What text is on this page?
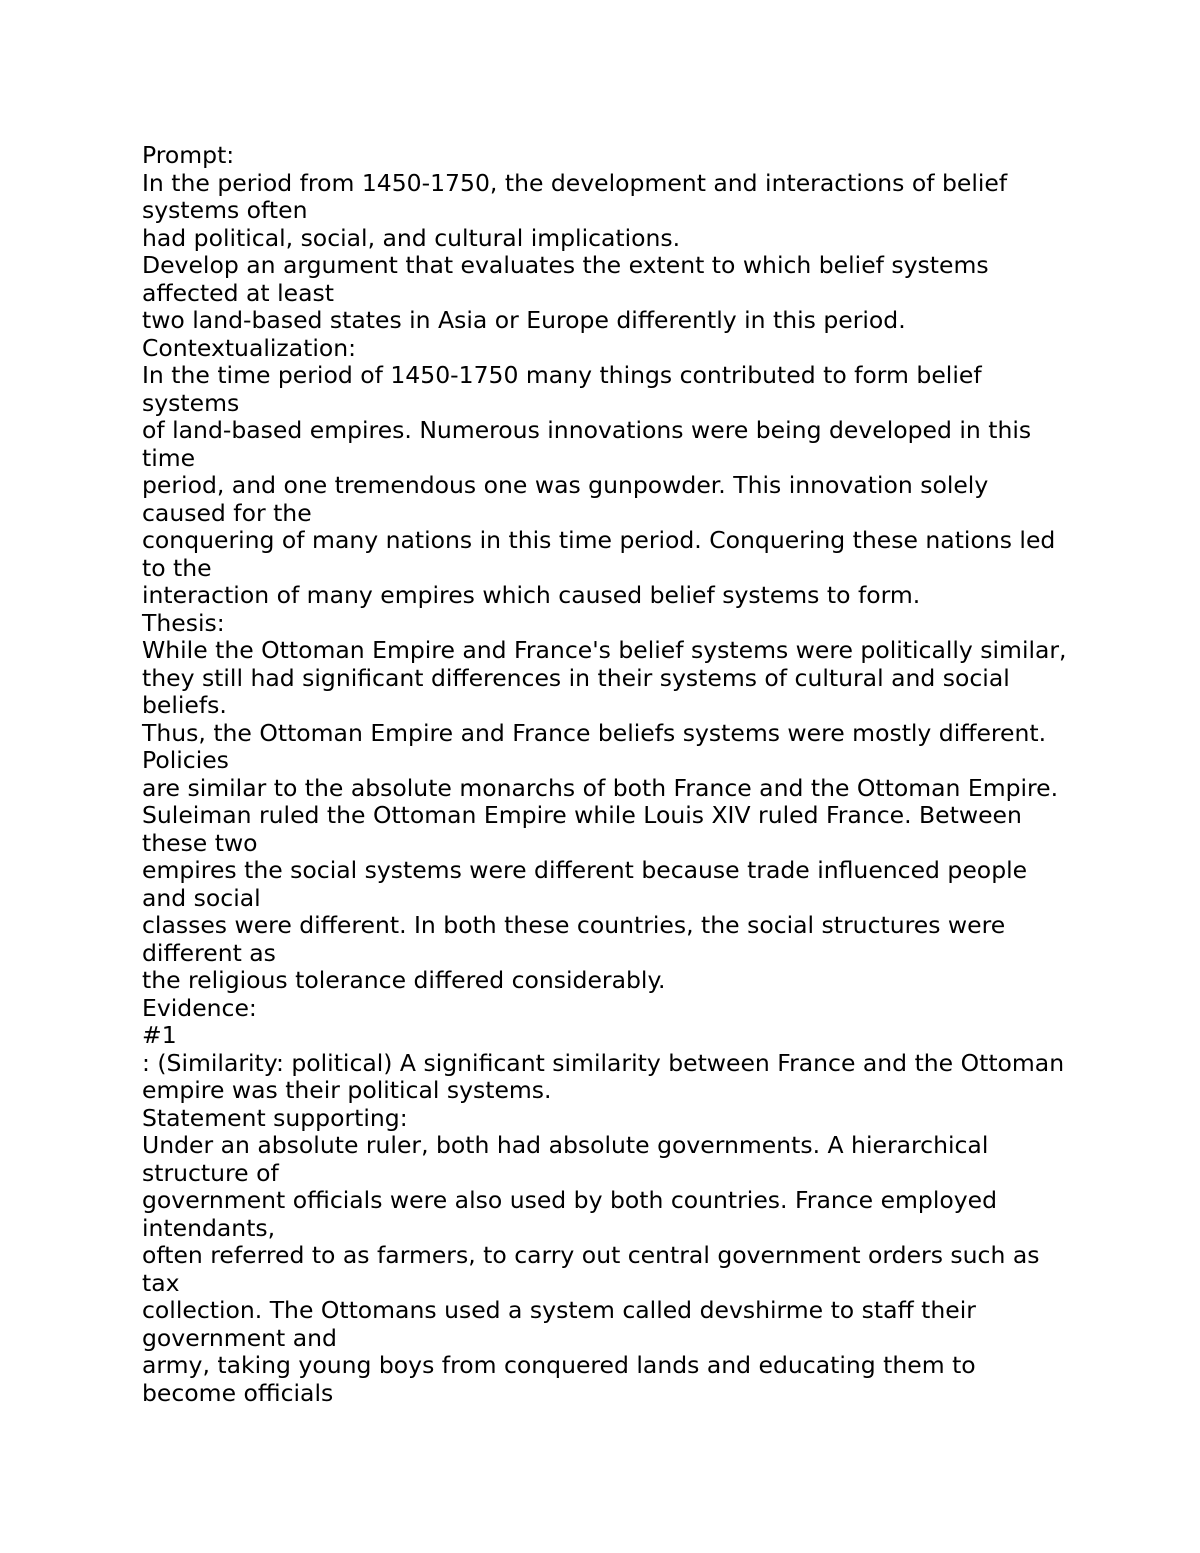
Prompt:
In the period from 1450-1750, the development and interactions of belief
systems often
had political, social, and cultural implications.
Develop an argument that evaluates the extent to which belief systems
affected at least
two land-based states in Asia or Europe differently in this period.
Contextualization:
In the time period of 1450-1750 many things contributed to form belief
systems
of land-based empires. Numerous innovations were being developed in this
time
period, and one tremendous one was gunpowder. This innovation solely
caused for the
conquering of many nations in this time period. Conquering these nations led
to the
interaction of many empires which caused belief systems to form.
Thesis:
While the Ottoman Empire and France's belief systems were politically similar,
they still had significant differences in their systems of cultural and social
beliefs.
Thus, the Ottoman Empire and France beliefs systems were mostly different.
Policies
are similar to the absolute monarchs of both France and the Ottoman Empire.
Suleiman ruled the Ottoman Empire while Louis XIV ruled France. Between
these two
empires the social systems were different because trade influenced people
and social
classes were different. In both these countries, the social structures were
different as
the religious tolerance differed considerably.
Evidence:
#1
: (Similarity: political) A significant similarity between France and the Ottoman
empire was their political systems.
Statement supporting:
Under an absolute ruler, both had absolute governments. A hierarchical
structure of
government officials were also used by both countries. France employed
intendants,
often referred to as farmers, to carry out central government orders such as
tax
collection. The Ottomans used a system called devshirme to staff their
government and
army, taking young boys from conquered lands and educating them to
become officials
